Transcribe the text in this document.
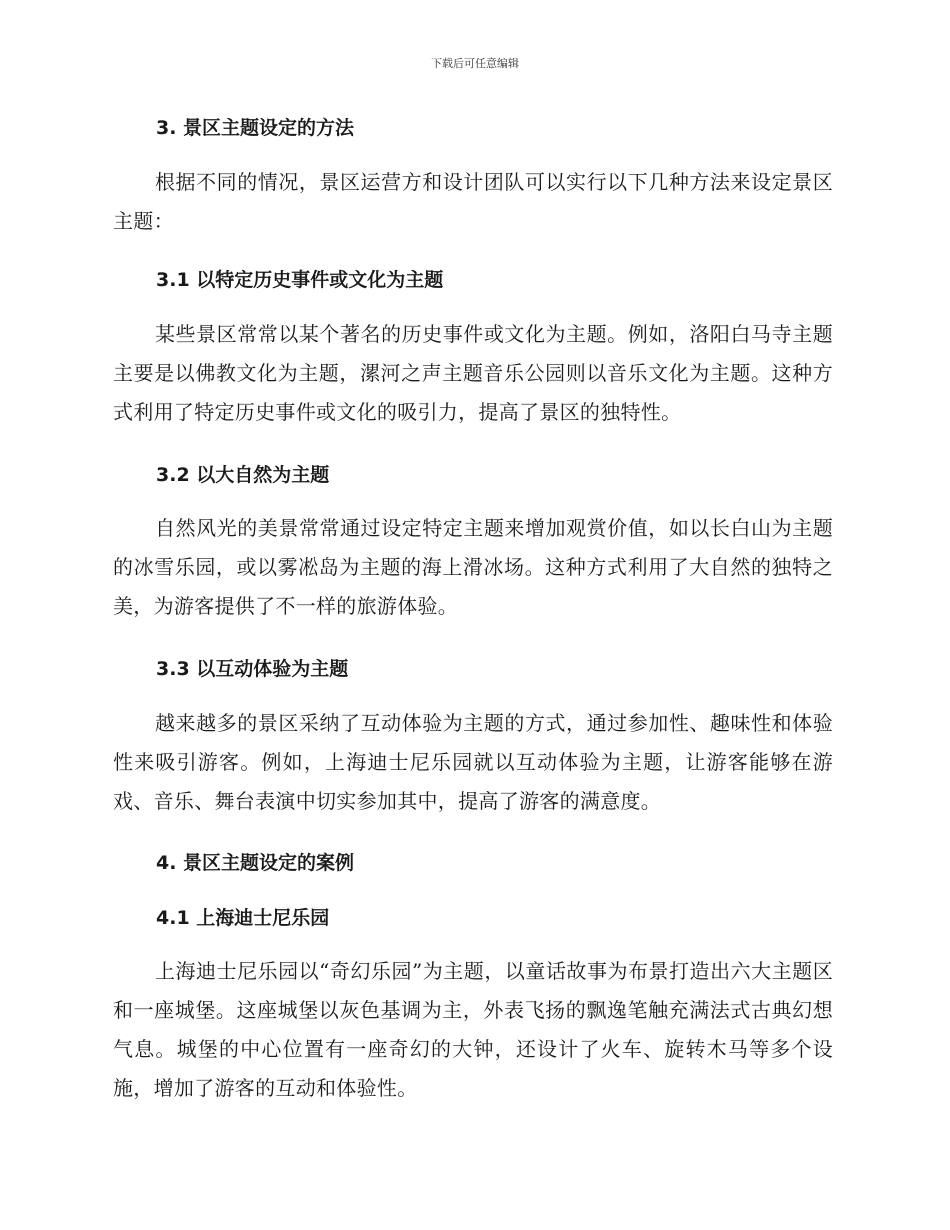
下载后可任意编辑
3. 景区主题设定的方法
根据不同的情况，景区运营方和设计团队可以实行以下几种方法来设定景区主题：
3.1 以特定历史事件或文化为主题
某些景区常常以某个著名的历史事件或文化为主题。例如，洛阳白马寺主题主要是以佛教文化为主题，漯河之声主题音乐公园则以音乐文化为主题。这种方式利用了特定历史事件或文化的吸引力，提高了景区的独特性。
3.2 以大自然为主题
自然风光的美景常常通过设定特定主题来增加观赏价值，如以长白山为主题的冰雪乐园，或以雾凇岛为主题的海上滑冰场。这种方式利用了大自然的独特之美，为游客提供了不一样的旅游体验。
3.3 以互动体验为主题
越来越多的景区采纳了互动体验为主题的方式，通过参加性、趣味性和体验性来吸引游客。例如，上海迪士尼乐园就以互动体验为主题，让游客能够在游戏、音乐、舞台表演中切实参加其中，提高了游客的满意度。
4. 景区主题设定的案例
4.1 上海迪士尼乐园
上海迪士尼乐园以“奇幻乐园”为主题，以童话故事为布景打造出六大主题区和一座城堡。这座城堡以灰色基调为主，外表飞扬的飘逸笔触充满法式古典幻想气息。城堡的中心位置有一座奇幻的大钟，还设计了火车、旋转木马等多个设施，增加了游客的互动和体验性。
